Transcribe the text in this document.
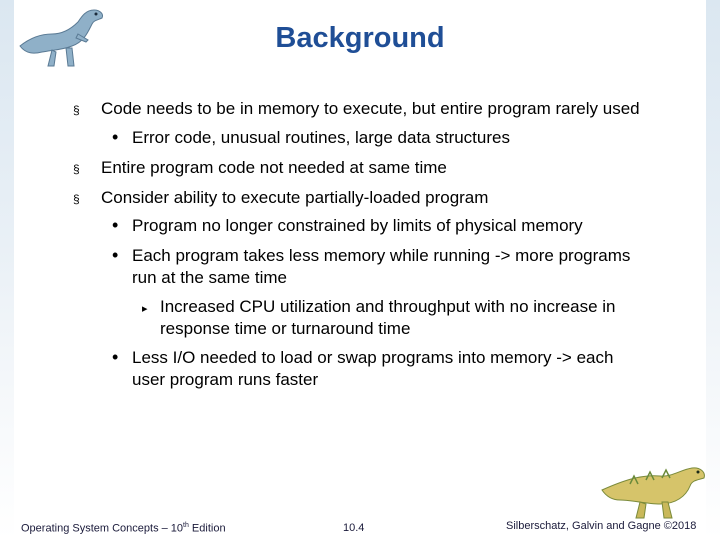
Background
§ Code needs to be in memory to execute, but entire program rarely used
• Error code, unusual routines, large data structures
§ Entire program code not needed at same time
§ Consider ability to execute partially-loaded program
• Program no longer constrained by limits of physical memory
• Each program takes less memory while running -> more programs
run at the same time
▸ Increased CPU utilization and throughput with no increase in
response time or turnaround time
• Less I/O needed to load or swap programs into memory -> each
user program runs faster
Operating System Concepts – 10th Edition	10.4	Silberschatz, Galvin and Gagne ©2018
